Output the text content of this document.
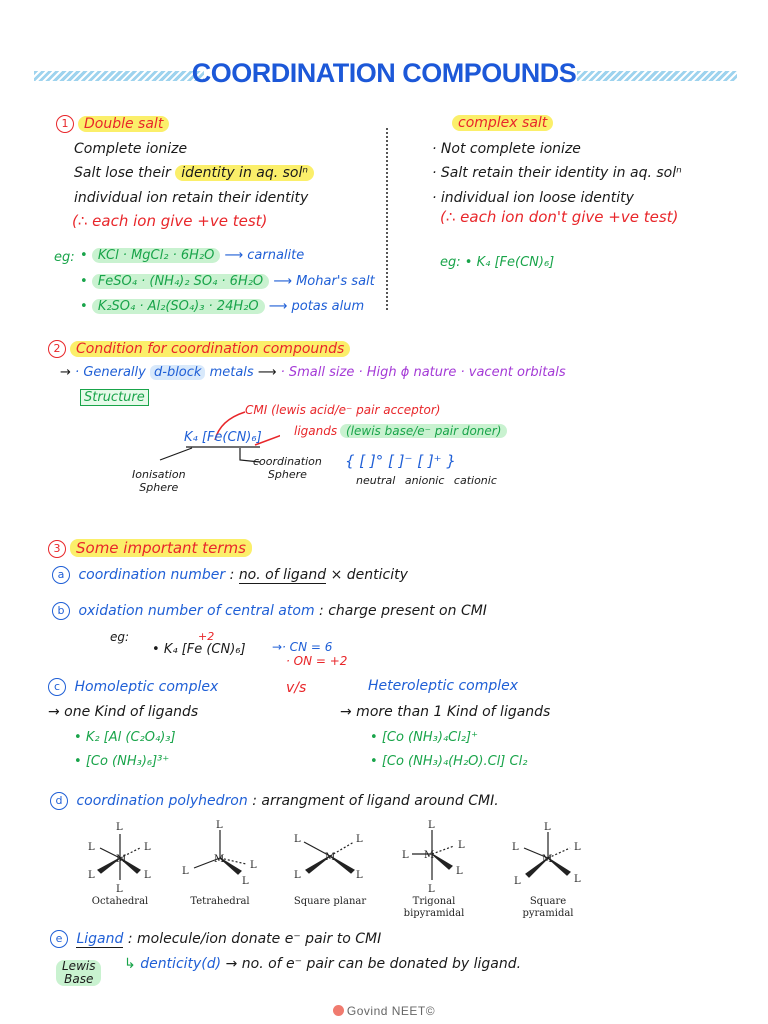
COORDINATION COMPOUNDS
1 Double salt
Complete ionize
Salt lose their identity in aq. solⁿ
individual ion retain their identity
(∴ each ion give +ve test)
eg: • KCl · MgCl₂ · 6H₂O ⟶ carnalite
• FeSO₄ · (NH₄)₂ SO₄ · 6H₂O ⟶ Mohar's salt
• K₂SO₄ · Al₂(SO₄)₃ · 24H₂O ⟶ potas alum
complex salt
· Not complete ionize
· Salt retain their identity in aq. solⁿ
· individual ion loose identity
(∴ each ion don't give +ve test)
eg: • K₄ [Fe(CN)₆]
2 Condition for coordination compounds
→ · Generally d-block metals ⟶ · Small size · High ϕ nature · vacent orbitals
Structure
CMI (lewis acid/e⁻ pair acceptor)
ligands (lewis base/e⁻ pair doner)
K₄ [Fe(CN)₆]
Ionisation
Sphere
coordination
Sphere
{ [ ]° [ ]⁻ [ ]⁺ }
neutral anionic cationic
3 Some important terms
a coordination number : no. of ligand × denticity
b oxidation number of central atom : charge present on CMI
eg:
• K₄ [Fe (CN)₆]
+2
→· CN = 6
· ON = +2
c Homoleptic complex	v/s	Heteroleptic complex
→ one Kind of ligands	→ more than 1 Kind of ligands
• K₂ [Al (C₂O₄)₃]
• [Co (NH₃)₆]³⁺
• [Co (NH₃)₄Cl₂]⁺
• [Co (NH₃)₄(H₂O).Cl] Cl₂
d coordination polyhedron : arrangment of ligand around CMI.
L
L
L	L
L	L
M
L
L
L
L
M
L	L
L	L
M
L
L
L
L
L
M
L
L	L
L	L
M
Octahedral	Tetrahedral	Square planar	Trigonal bipyramidal
Square pyramidal
e Ligand : molecule/ion donate e⁻ pair to CMI
Lewis
Base
↳ denticity(d) → no. of e⁻ pair can be donated by ligand.
Govind NEET©
